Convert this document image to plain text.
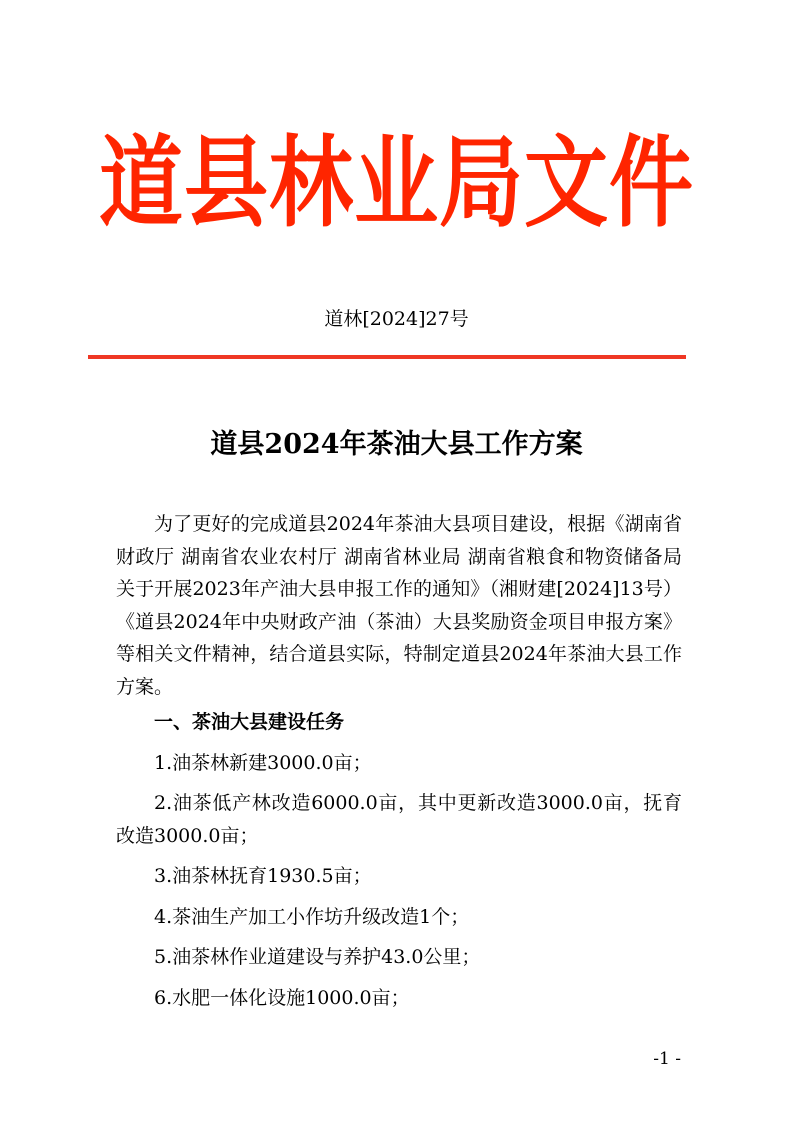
道县林业局文件
道林[2024]27号
道县2024年茶油大县工作方案

为了更好的完成道县2024年茶油大县项目建设，根据《湖南省财政厅 湖南省农业农村厅 湖南省林业局 湖南省粮食和物资储备局关于开展2023年产油大县申报工作的通知》（湘财建[2024]13号）《道县2024年中央财政产油（茶油）大县奖励资金项目申报方案》等相关文件精神，结合道县实际，特制定道县2024年茶油大县工作方案。

一、茶油大县建设任务

1.油茶林新建3000.0亩；

2.油茶低产林改造6000.0亩，其中更新改造3000.0亩，抚育改造3000.0亩；

3.油茶林抚育1930.5亩；

4.茶油生产加工小作坊升级改造1个；

5.油茶林作业道建设与养护43.0公里；

6.水肥一体化设施1000.0亩；

-1 -
